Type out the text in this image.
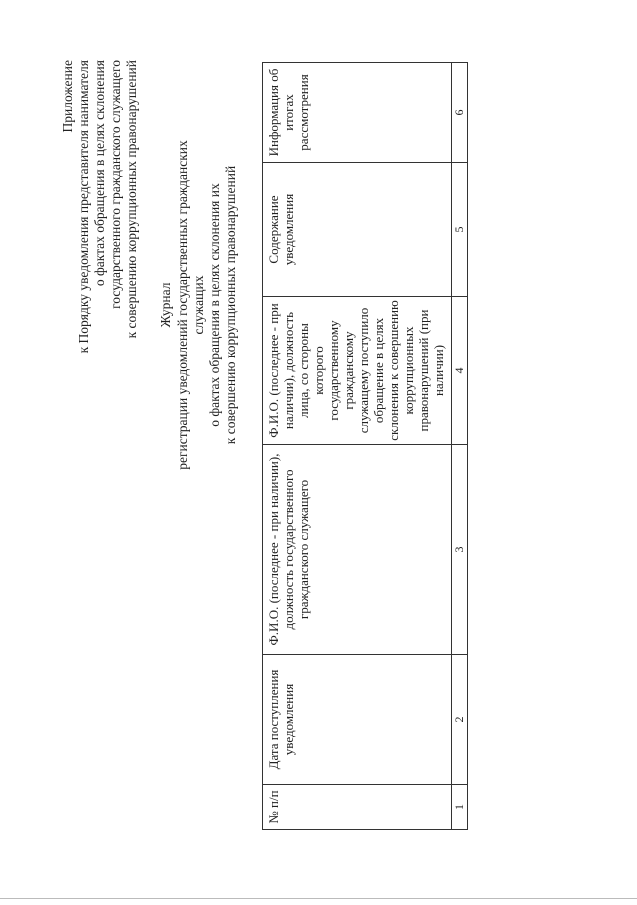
Приложение к Порядку уведомления представителя нанимателя о фактах обращения в целях склонения государственного гражданского служащего к совершению коррупционных правонарушений Журнал регистрации уведомлений государственных гражданских служащих о фактах обращения в целях склонения их к совершению коррупционных правонарушений
№ п/п	Дата поступления уведомления	Ф.И.О. (последнее - при наличии), должность государственного гражданского служащего	Ф.И.О. (последнее - при наличии), должность лица, со стороны которого государственному гражданскому служащему поступило обращение в целях склонения к совершению коррупционных правонарушений (при наличии)	Содержание уведомления	Информация об итогах рассмотрения
1	2	3	4	5	6
